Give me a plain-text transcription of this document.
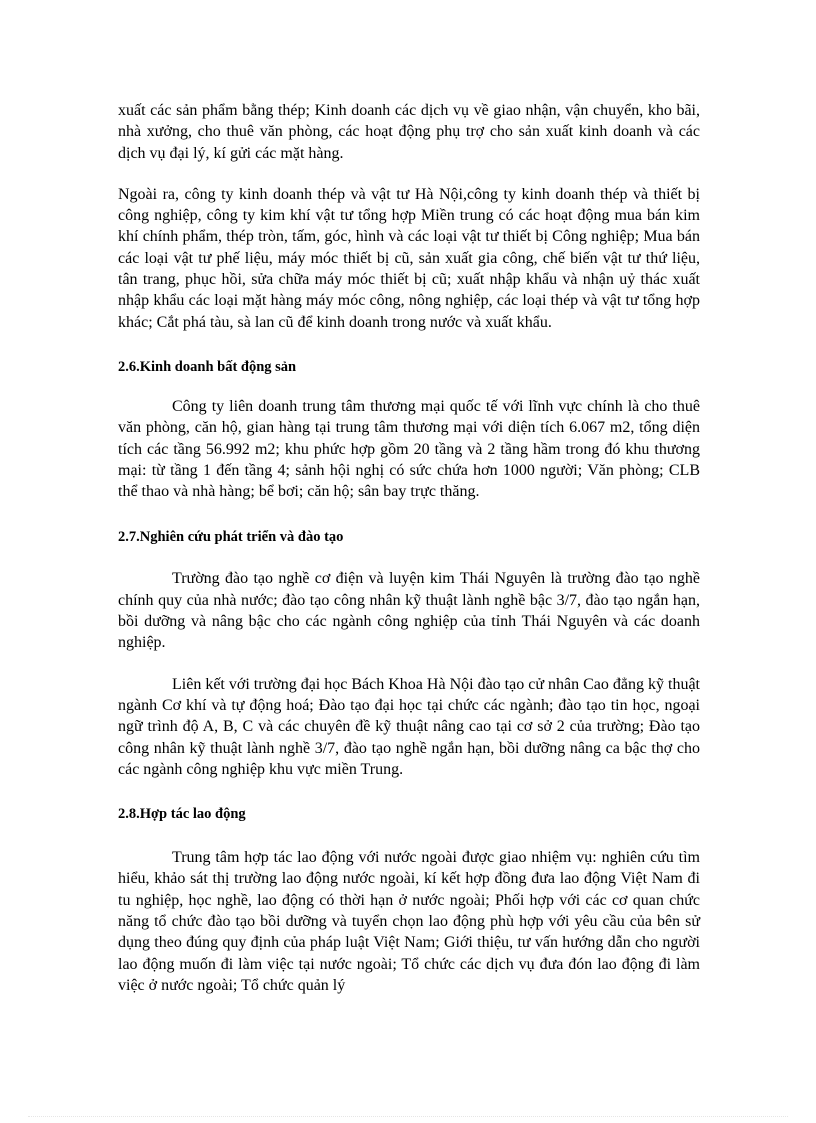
xuất các sản phẩm bằng thép; Kinh doanh các dịch vụ về giao nhận, vận chuyển, kho bãi, nhà xưởng, cho thuê văn phòng, các hoạt động phụ trợ cho sản xuất kinh doanh và các dịch vụ đại lý, kí gửi các mặt hàng.

Ngoài ra, công ty kinh doanh thép và vật tư Hà Nội,công ty kinh doanh thép và thiết bị công nghiệp, công ty kim khí vật tư tổng hợp Miền trung có các hoạt động mua bán kim khí chính phẩm, thép tròn, tấm, góc, hình và các loại vật tư thiết bị Công nghiệp; Mua bán các loại vật tư phế liệu, máy móc thiết bị cũ, sản xuất gia công, chế biến vật tư thứ liệu, tân trang, phục hồi, sửa chữa máy móc thiết bị cũ; xuất nhập khẩu và nhận uỷ thác xuất nhập khẩu các loại mặt hàng máy móc công, nông nghiệp, các loại thép và vật tư tổng hợp khác; Cắt phá tàu, sà lan cũ để kinh doanh trong nước và xuất khẩu.

2.6.Kinh doanh bất động sản

Công ty liên doanh trung tâm thương mại quốc tế với lĩnh vực chính là cho thuê văn phòng, căn hộ, gian hàng tại trung tâm thương mại với diện tích 6.067 m2, tổng diện tích các tầng 56.992 m2; khu phức hợp gồm 20 tầng và 2 tầng hầm trong đó khu thương mại: từ tầng 1 đến tầng 4; sảnh hội nghị có sức chứa hơn 1000 người; Văn phòng; CLB thể thao và nhà hàng; bể bơi; căn hộ; sân bay trực thăng.

2.7.Nghiên cứu phát triển và đào tạo

Trường đào tạo nghề cơ điện và luyện kim Thái Nguyên là trường đào tạo nghề chính quy của nhà nước; đào tạo công nhân kỹ thuật lành nghề bậc 3/7, đào tạo ngắn hạn, bồi dưỡng và nâng bậc cho các ngành công nghiệp của tỉnh Thái Nguyên và các doanh nghiệp.

Liên kết với trường đại học Bách Khoa Hà Nội đào tạo cử nhân Cao đẳng kỹ thuật ngành Cơ khí và tự động hoá; Đào tạo đại học tại chức các ngành; đào tạo tin học, ngoại ngữ trình độ A, B, C và các chuyên đề kỹ thuật nâng cao tại cơ sở 2 của trường; Đào tạo công nhân kỹ thuật lành nghề 3/7, đào tạo nghề ngắn hạn, bồi dưỡng nâng ca bậc thợ cho các ngành công nghiệp khu vực miền Trung.

2.8.Hợp tác lao động

Trung tâm hợp tác lao động với nước ngoài được giao nhiệm vụ: nghiên cứu tìm hiểu, khảo sát thị trường lao động nước ngoài, kí kết hợp đồng đưa lao động Việt Nam đi tu nghiệp, học nghề, lao động có thời hạn ở nước ngoài; Phối hợp với các cơ quan chức năng tổ chức đào tạo bồi dưỡng và tuyển chọn lao động phù hợp với yêu cầu của bên sử dụng theo đúng quy định của pháp luật Việt Nam; Giới thiệu, tư vấn hướng dẫn cho người lao động muốn đi làm việc tại nước ngoài; Tổ chức các dịch vụ đưa đón lao động đi làm việc ở nước ngoài; Tổ chức quản lý
